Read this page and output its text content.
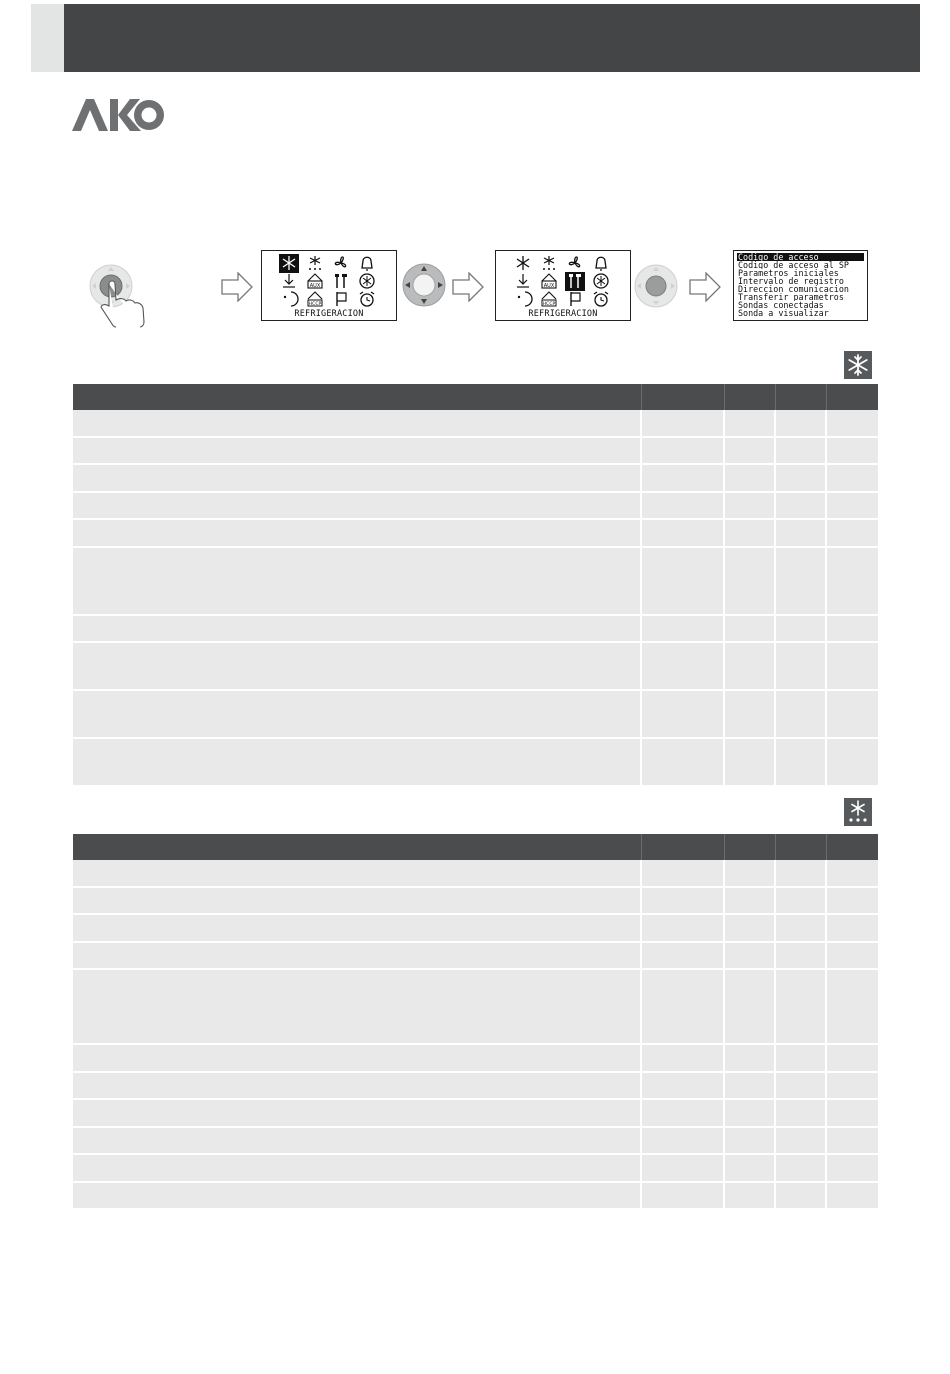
AUX
HCCP
REFRIGERACION
AUX
HCCP
REFRIGERACION
Codigo de acceso
Codigo de acceso al SP
Parametros iniciales
Intervalo de registro
Direccion comunicacion
Transferir parametros
Sondas conectadas
Sonda a visualizar
